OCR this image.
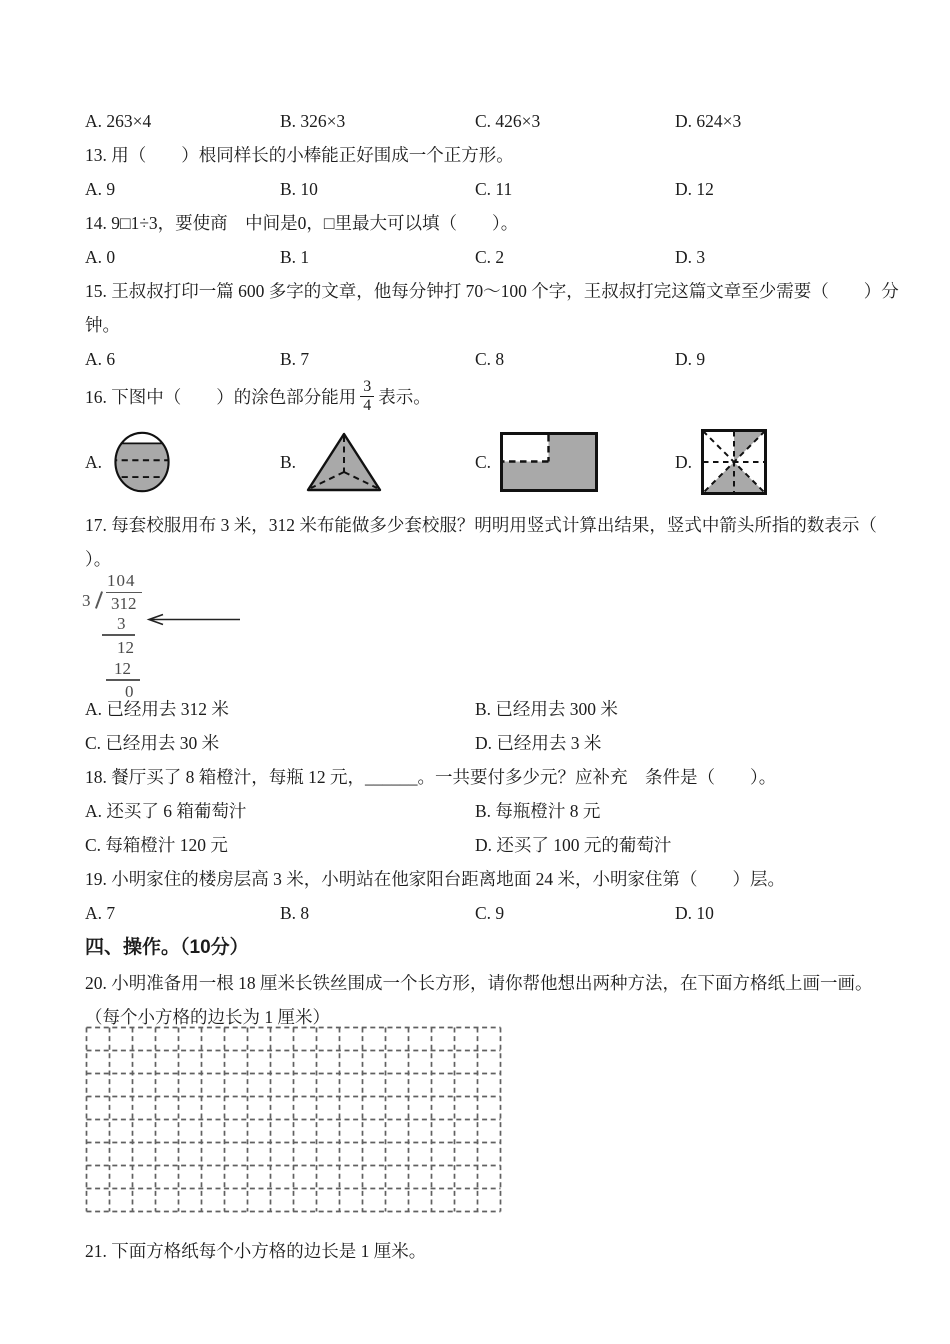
A. 263×4	B. 326×3	C. 426×3	D. 624×3
13. 用（　　）根同样长的小棒能正好围成一个正方形。
A. 9	B. 10	C. 11	D. 12
14. 9□1÷3，要使商　中间是0，□里最大可以填（　　）。
A. 0	B. 1	C. 2	D. 3
15. 王叔叔打印一篇 600 多字的文章，他每分钟打 70～100 个字，王叔叔打完这篇文章至少需要（　　）分
钟。
A. 6	B. 7	C. 8	D. 9
16. 下图中（　　）的涂色部分能用 $\frac{3}{4}$ 表示。
A.	B.	C.	D.
17. 每套校服用布 3 米，312 米布能做多少套校服？明明用竖式计算出结果，竖式中箭头所指的数表示（
）。
104
3 312
3
12
12
0
A. 已经用去 312 米	B. 已经用去 300 米
C. 已经用去 30 米	D. 已经用去 3 米
18. 餐厅买了 8 箱橙汁，每瓶 12 元，______。一共要付多少元？应补充　条件是（　　）。
A. 还买了 6 箱葡萄汁	B. 每瓶橙汁 8 元
C. 每箱橙汁 120 元	D. 还买了 100 元的葡萄汁
19. 小明家住的楼房层高 3 米，小明站在他家阳台距离地面 24 米，小明家住第（　　）层。
A. 7	B. 8	C. 9	D. 10
四、操作。（10分）
20. 小明准备用一根 18 厘米长铁丝围成一个长方形，请你帮他想出两种方法，在下面方格纸上画一画。
（每个小方格的边长为 1 厘米）
21. 下面方格纸每个小方格的边长是 1 厘米。
